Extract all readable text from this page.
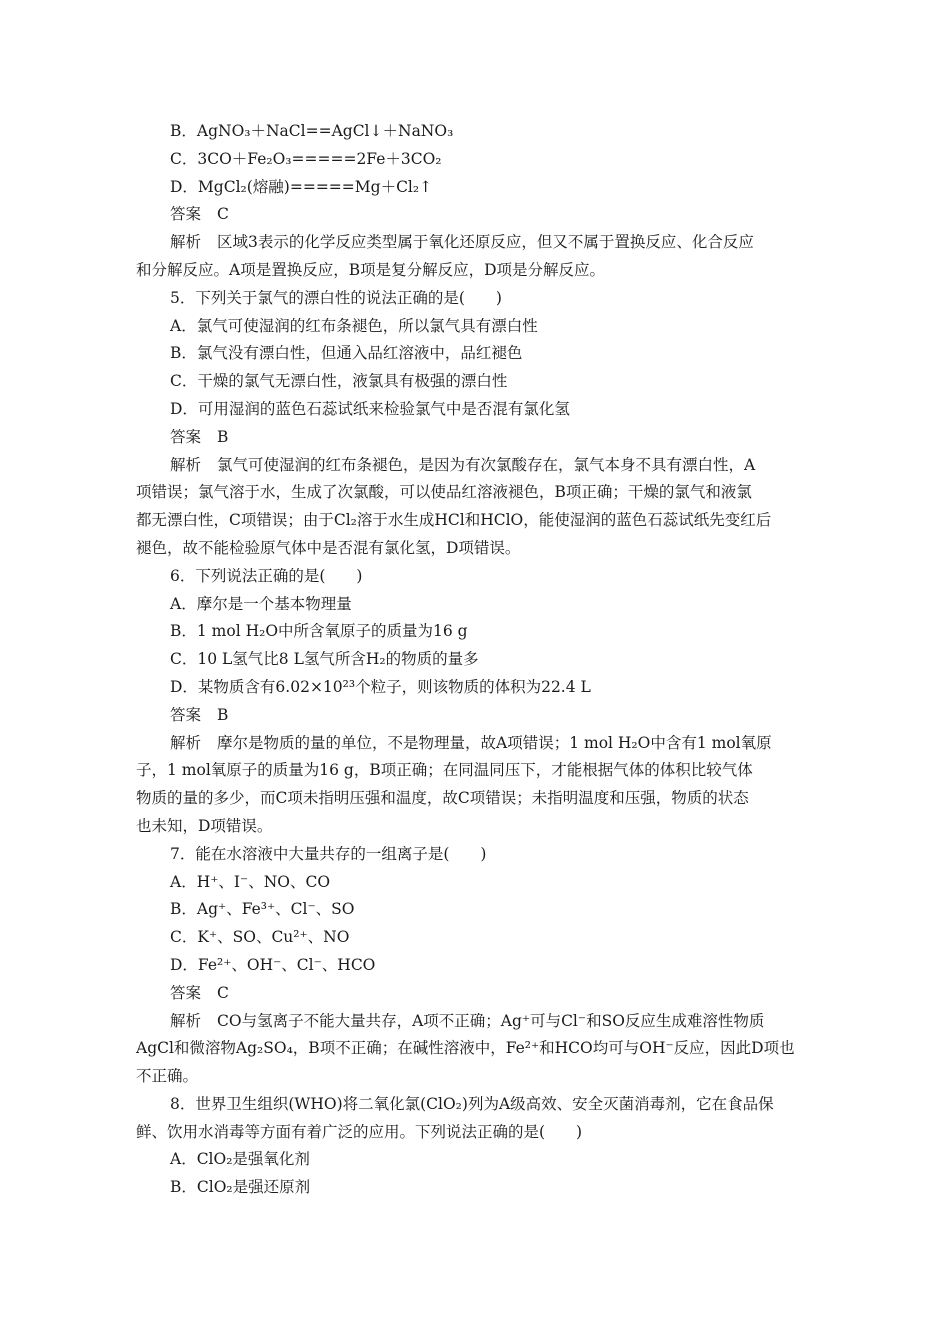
B．AgNO₃＋NaCl==AgCl↓＋NaNO₃
C．3CO＋Fe₂O₃=====2Fe＋3CO₂
D．MgCl₂(熔融)=====Mg＋Cl₂↑
答案 C
解析 区域3表示的化学反应类型属于氧化还原反应，但又不属于置换反应、化合反应
和分解反应。A项是置换反应，B项是复分解反应，D项是分解反应。
5．下列关于氯气的漂白性的说法正确的是(　　)
A．氯气可使湿润的红布条褪色，所以氯气具有漂白性
B．氯气没有漂白性，但通入品红溶液中，品红褪色
C．干燥的氯气无漂白性，液氯具有极强的漂白性
D．可用湿润的蓝色石蕊试纸来检验氯气中是否混有氯化氢
答案 B
解析 氯气可使湿润的红布条褪色，是因为有次氯酸存在，氯气本身不具有漂白性，A
项错误；氯气溶于水，生成了次氯酸，可以使品红溶液褪色，B项正确；干燥的氯气和液氯
都无漂白性，C项错误；由于Cl₂溶于水生成HCl和HClO，能使湿润的蓝色石蕊试纸先变红后
褪色，故不能检验原气体中是否混有氯化氢，D项错误。
6．下列说法正确的是(　　)
A．摩尔是一个基本物理量
B．1 mol H₂O中所含氧原子的质量为16 g
C．10 L氢气比8 L氢气所含H₂的物质的量多
D．某物质含有6.02×10²³个粒子，则该物质的体积为22.4 L
答案 B
解析 摩尔是物质的量的单位，不是物理量，故A项错误；1 mol H₂O中含有1 mol氧原
子，1 mol氧原子的质量为16 g，B项正确；在同温同压下，才能根据气体的体积比较气体
物质的量的多少，而C项未指明压强和温度，故C项错误；未指明温度和压强，物质的状态
也未知，D项错误。
7．能在水溶液中大量共存的一组离子是(　　)
A．H⁺、I⁻、NO、CO
B．Ag⁺、Fe³⁺、Cl⁻、SO
C．K⁺、SO、Cu²⁺、NO
D．Fe²⁺、OH⁻、Cl⁻、HCO
答案 C
解析 CO与氢离子不能大量共存，A项不正确；Ag⁺可与Cl⁻和SO反应生成难溶性物质
AgCl和微溶物Ag₂SO₄，B项不正确；在碱性溶液中，Fe²⁺和HCO均可与OH⁻反应，因此D项也
不正确。
8．世界卫生组织(WHO)将二氧化氯(ClO₂)列为A级高效、安全灭菌消毒剂，它在食品保
鲜、饮用水消毒等方面有着广泛的应用。下列说法正确的是(　　)
A．ClO₂是强氧化剂
B．ClO₂是强还原剂
